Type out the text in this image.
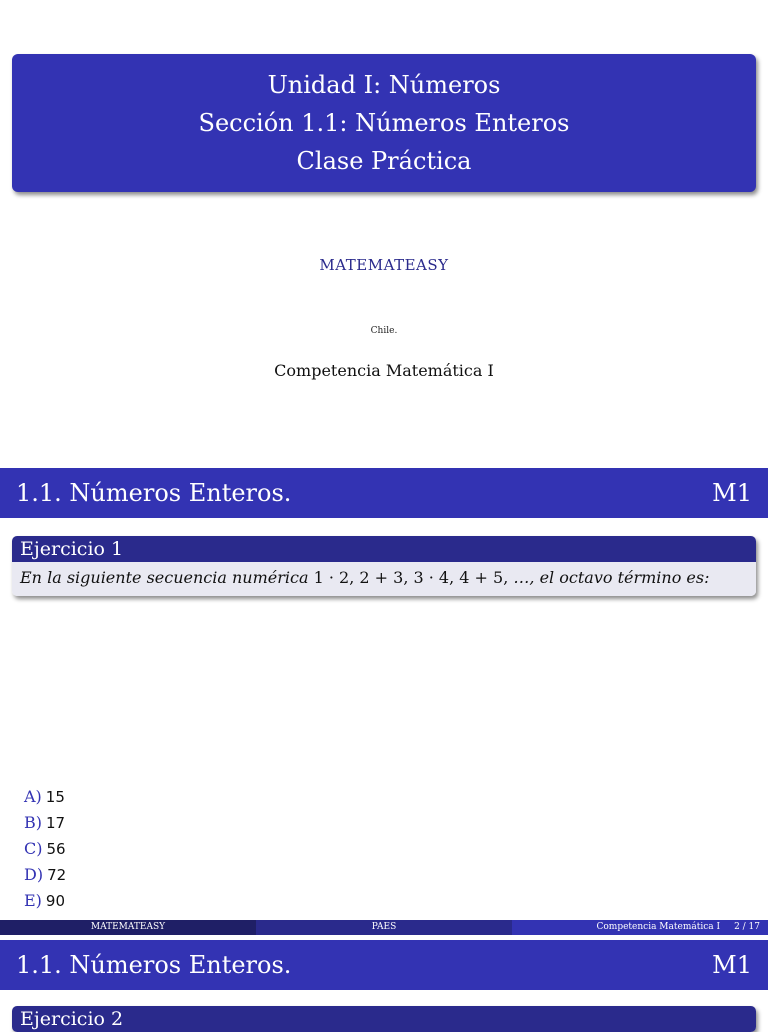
Unidad I: Números
Sección 1.1: Números Enteros
Clase Práctica
MATEMATEASY
Chile.
Competencia Matemática I
1.1. Números Enteros.	M1
Ejercicio 1
En la siguiente secuencia numérica 1 · 2, 2 + 3, 3 · 4, 4 + 5, …, el octavo término es:
A) 15
B) 17
C) 56
D) 72
E) 90
MATEMATEASY	PAES	Competencia Matemática I 2 / 17
1.1. Números Enteros.	M1
Ejercicio 2
